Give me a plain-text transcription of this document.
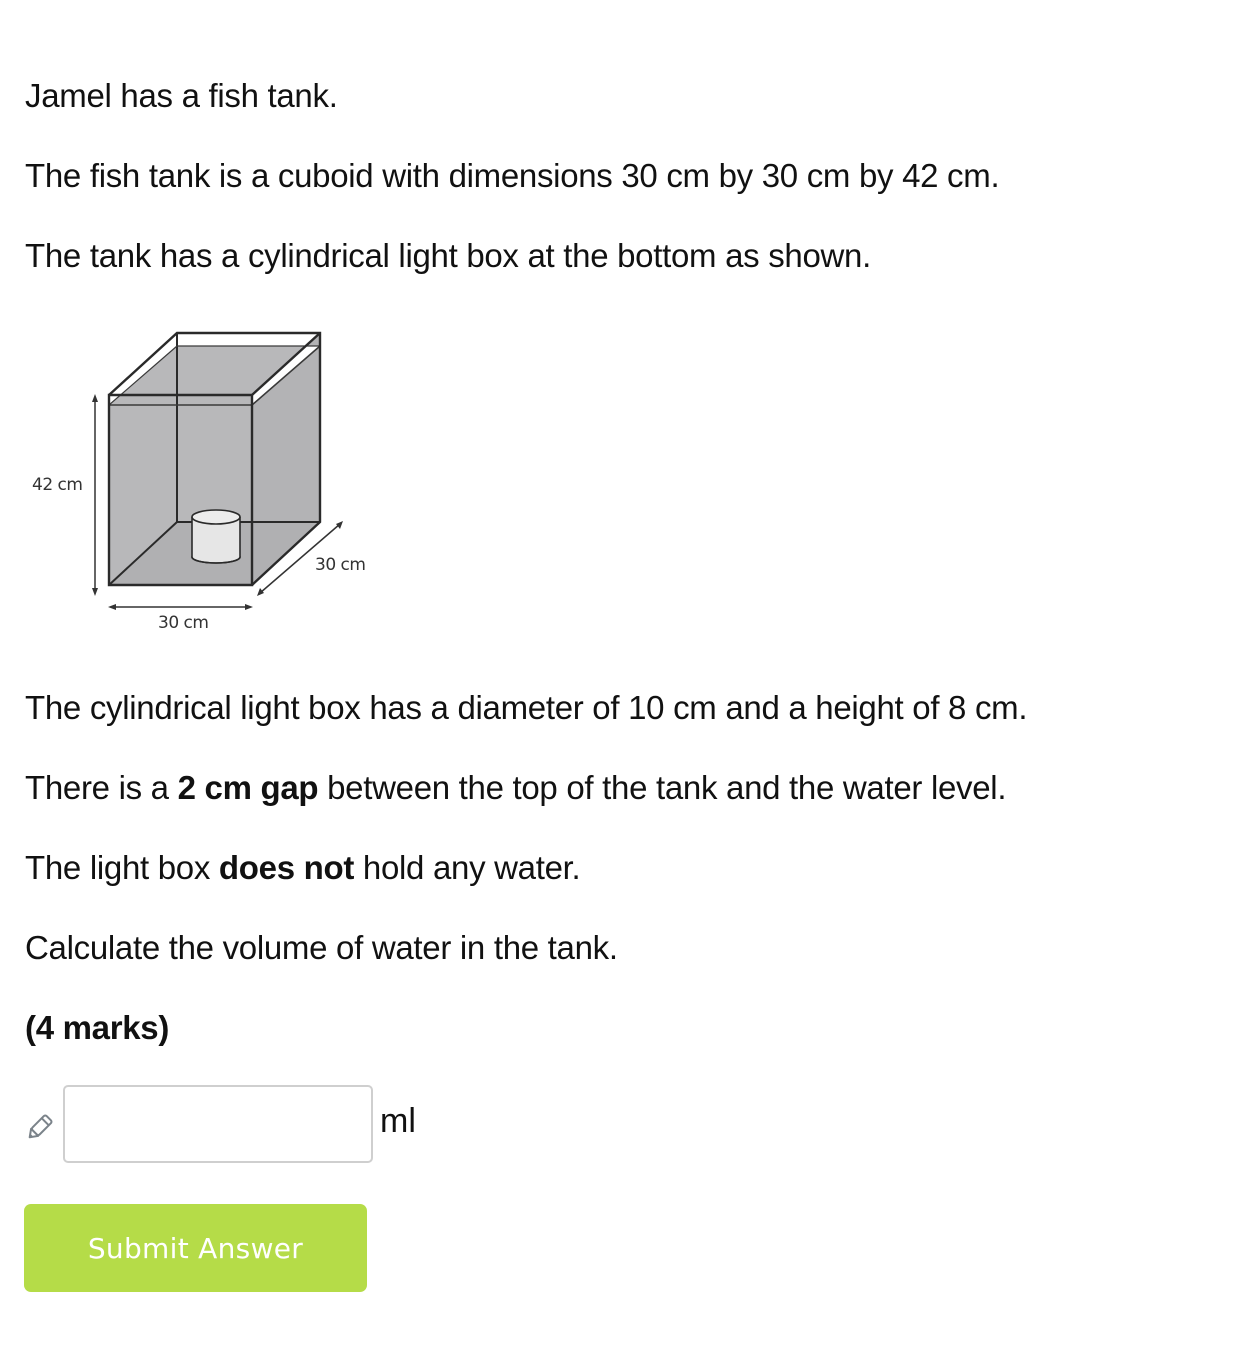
Jamel has a fish tank.
The fish tank is a cuboid with dimensions 30 cm by 30 cm by 42 cm.
The tank has a cylindrical light box at the bottom as shown.
The cylindrical light box has a diameter of 10 cm and a height of 8 cm.
There is a 2 cm gap between the top of the tank and the water level.
The light box does not hold any water.
Calculate the volume of water in the tank.
(4 marks)
42 cm
30 cm
30 cm
ml
Submit Answer
